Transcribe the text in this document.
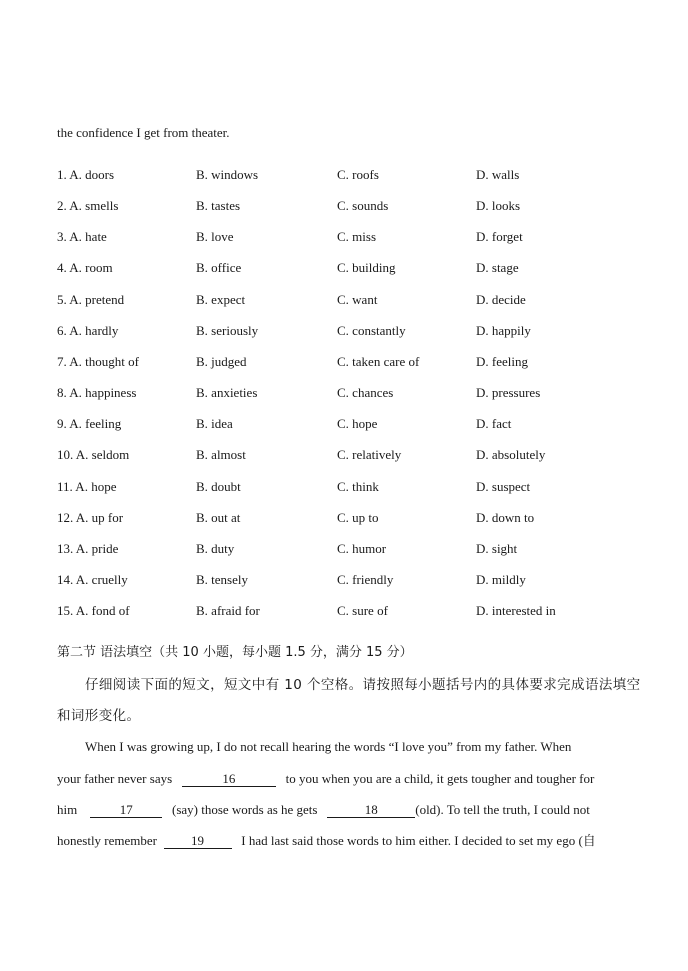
the confidence I get from theater.
1. A. doors	B. windows	C. roofs	D. walls
2. A. smells	B. tastes	C. sounds	D. looks
3. A. hate	B. love	C. miss	D. forget
4. A. room	B. office	C. building	D. stage
5. A. pretend	B. expect	C. want	D. decide
6. A. hardly	B. seriously	C. constantly	D. happily
7. A. thought of	B. judged	C. taken care of	D. feeling
8. A. happiness	B. anxieties	C. chances	D. pressures
9. A. feeling	B. idea	C. hope	D. fact
10. A. seldom	B. almost	C. relatively	D. absolutely
11. A. hope	B. doubt	C. think	D. suspect
12. A. up for	B. out at	C. up to	D. down to
13. A. pride	B. duty	C. humor	D. sight
14. A. cruelly	B. tensely	C. friendly	D. mildly
15. A. fond of	B. afraid for	C. sure of	D. interested in
第二节 语法填空（共 10 小题，每小题 1.5 分，满分 15 分）
仔细阅读下面的短文，短文中有 10 个空格。请按照每小题括号内的具体要求完成语法填空
和词形变化。
When I was growing up, I do not recall hearing the words “I love you” from my father. When
your father never says	16	to you when you are a child, it gets tougher and tougher for
him	17	(say) those words as he gets	18	(old). To tell the truth, I could not
honestly remember	19	I had last said those words to him either. I decided to set my ego (自
